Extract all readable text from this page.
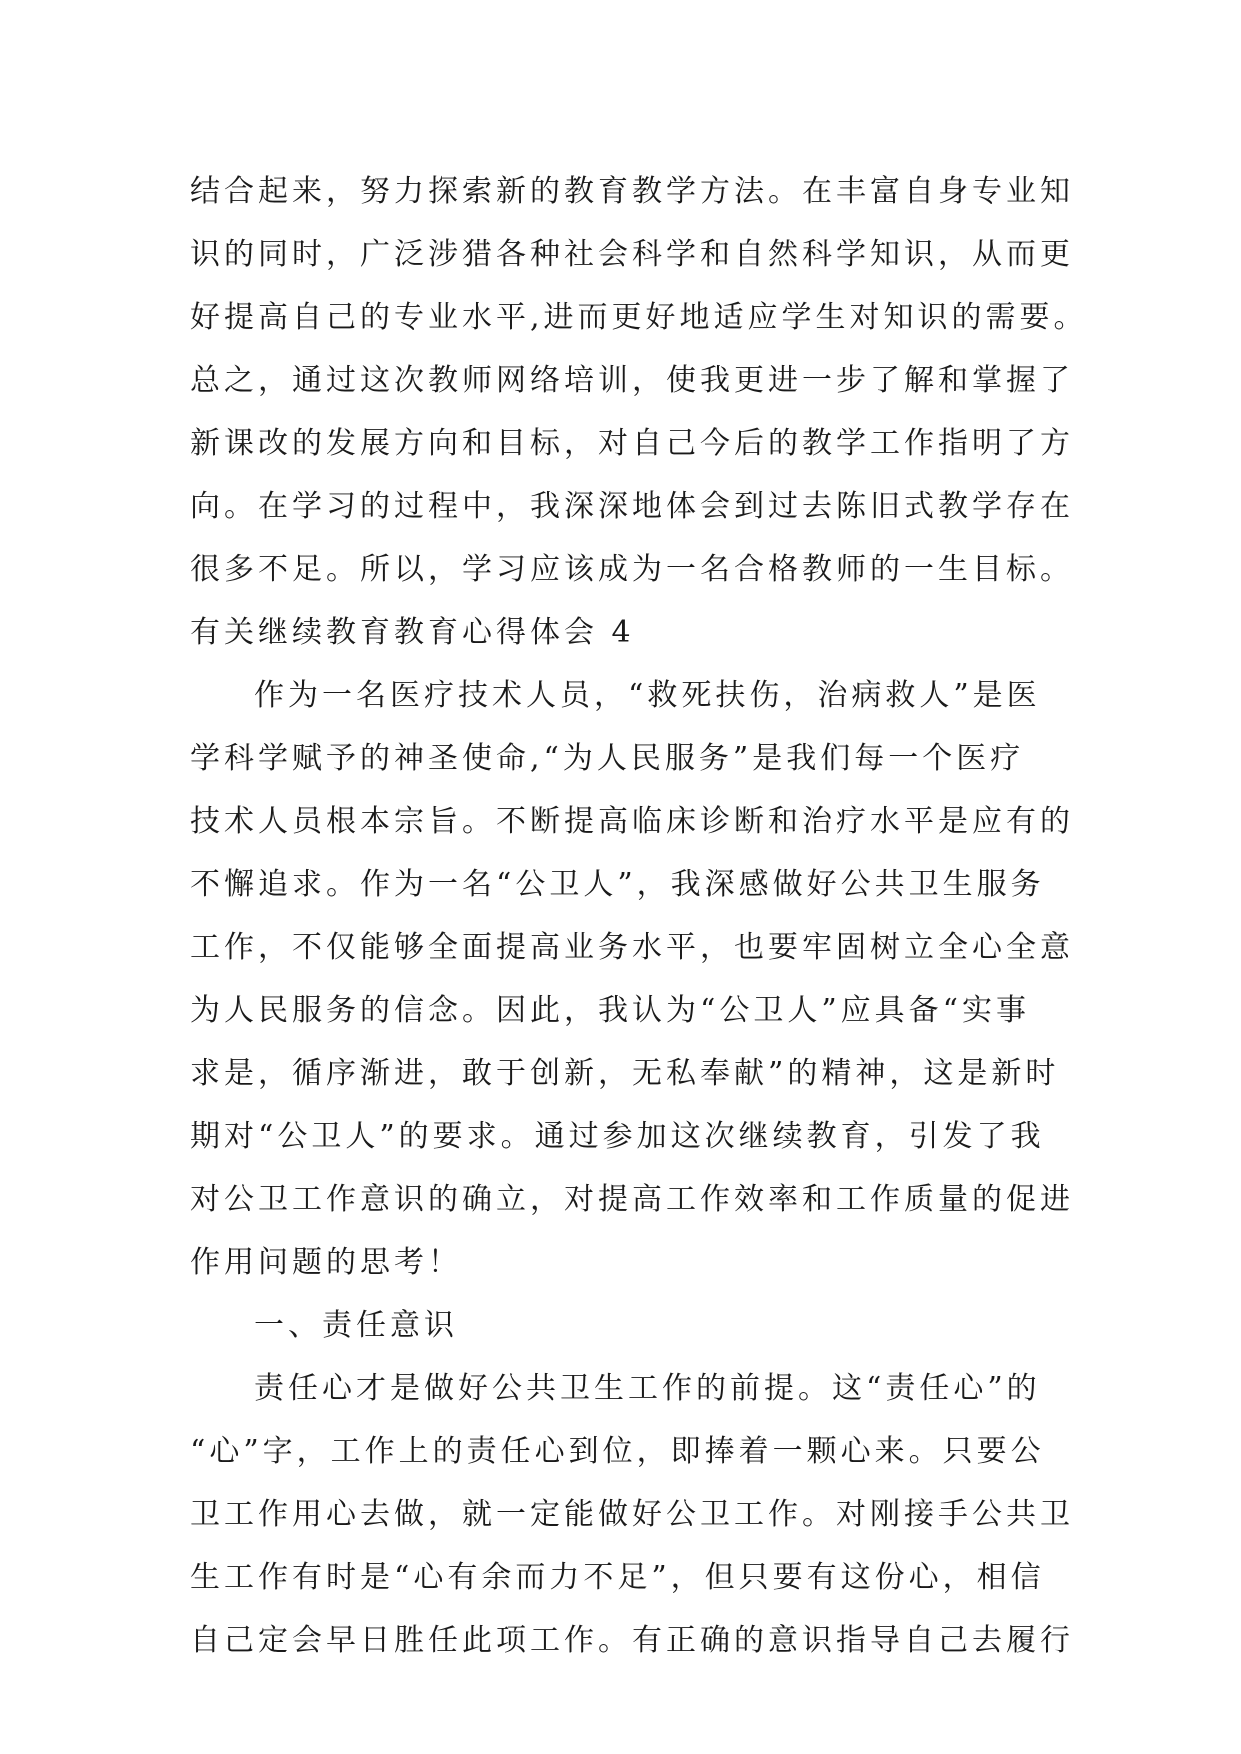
结合起来，努力探索新的教育教学方法。在丰富自身专业知
识的同时，广泛涉猎各种社会科学和自然科学知识，从而更
好提高自己的专业水平,进而更好地适应学生对知识的需要。
总之，通过这次教师网络培训，使我更进一步了解和掌握了
新课改的发展方向和目标，对自己今后的教学工作指明了方
向。在学习的过程中，我深深地体会到过去陈旧式教学存在
很多不足。所以，学习应该成为一名合格教师的一生目标。
有关继续教育教育心得体会 4
作为一名医疗技术人员，“救死扶伤，治病救人”是医
学科学赋予的神圣使命,“为人民服务”是我们每一个医疗
技术人员根本宗旨。不断提高临床诊断和治疗水平是应有的
不懈追求。作为一名“公卫人”，我深感做好公共卫生服务
工作，不仅能够全面提高业务水平，也要牢固树立全心全意
为人民服务的信念。因此，我认为“公卫人”应具备“实事
求是，循序渐进，敢于创新，无私奉献”的精神，这是新时
期对“公卫人”的要求。通过参加这次继续教育，引发了我
对公卫工作意识的确立，对提高工作效率和工作质量的促进
作用问题的思考！
一、责任意识
责任心才是做好公共卫生工作的前提。这“责任心”的
“心”字，工作上的责任心到位，即捧着一颗心来。只要公
卫工作用心去做，就一定能做好公卫工作。对刚接手公共卫
生工作有时是“心有余而力不足”，但只要有这份心，相信
自己定会早日胜任此项工作。有正确的意识指导自己去履行
